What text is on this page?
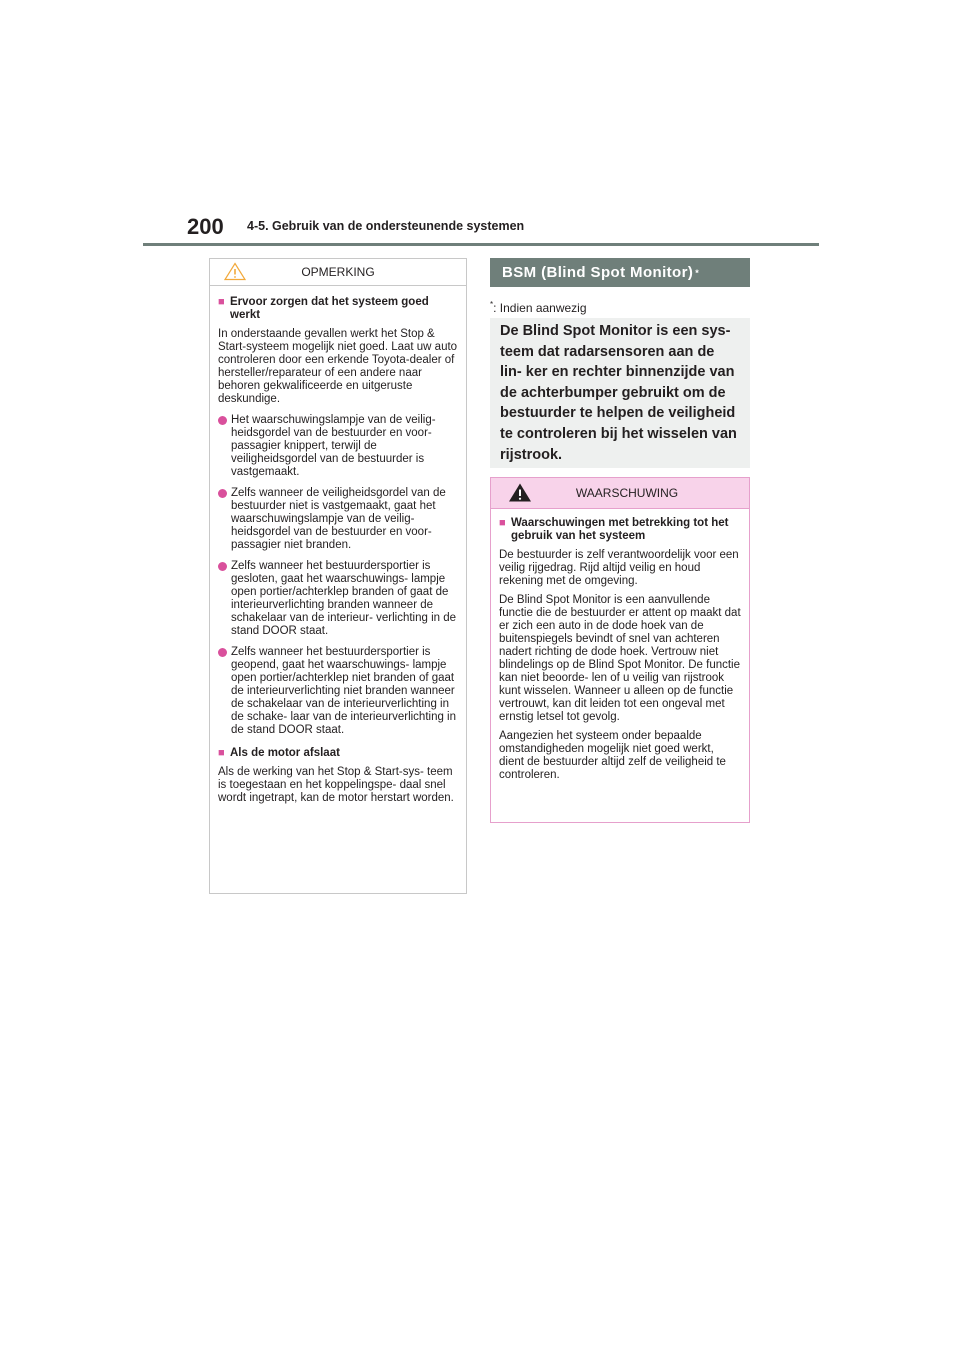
200 4-5. Gebruik van de ondersteunende systemen
OPMERKING
■ Ervoor zorgen dat het systeem goed werkt

In onderstaande gevallen werkt het Stop & Start-systeem mogelijk niet goed. Laat uw auto controleren door een erkende Toyota-dealer of hersteller/reparateur of een andere naar behoren gekwalificeerde en uitgeruste deskundige.

Het waarschuwingslampje van de veilig- heidsgordel van de bestuurder en voor- passagier knippert, terwijl de veiligheidsgordel van de bestuurder is vastgemaakt.
Zelfs wanneer de veiligheidsgordel van de bestuurder niet is vastgemaakt, gaat het waarschuwingslampje van de veilig- heidsgordel van de bestuurder en voor- passagier niet branden.
Zelfs wanneer het bestuurdersportier is gesloten, gaat het waarschuwings- lampje open portier/achterklep branden of gaat de interieurverlichting branden wanneer de schakelaar van de interieur- verlichting in de stand DOOR staat.
Zelfs wanneer het bestuurdersportier is geopend, gaat het waarschuwings- lampje open portier/achterklep niet branden of gaat de interieurverlichting niet branden wanneer de schakelaar van de interieurverlichting in de schake- laar van de interieurverlichting in de stand DOOR staat.
■ Als de motor afslaat

Als de werking van het Stop & Start-sys- teem is toegestaan en het koppelingspe- daal snel wordt ingetrapt, kan de motor herstart worden.

BSM (Blind Spot Monitor) *
*: Indien aanwezig
De Blind Spot Monitor is een sys- teem dat radarsensoren aan de lin- ker en rechter binnenzijde van de achterbumper gebruikt om de bestuurder te helpen de veiligheid te controleren bij het wisselen van rijstrook.
WAARSCHUWING
■ Waarschuwingen met betrekking tot het gebruik van het systeem

De bestuurder is zelf verantwoordelijk voor een veilig rijgedrag. Rijd altijd veilig en houd rekening met de omgeving.

De Blind Spot Monitor is een aanvullende functie die de bestuurder er attent op maakt dat er zich een auto in de dode hoek van de buitenspiegels bevindt of snel van achteren nadert richting de dode hoek. Vertrouw niet blindelings op de Blind Spot Monitor. De functie kan niet beoorde- len of u veilig van rijstrook kunt wisselen. Wanneer u alleen op de functie vertrouwt, kan dit leiden tot een ongeval met ernstig letsel tot gevolg.

Aangezien het systeem onder bepaalde omstandigheden mogelijk niet goed werkt, dient de bestuurder altijd zelf de veiligheid te controleren.
